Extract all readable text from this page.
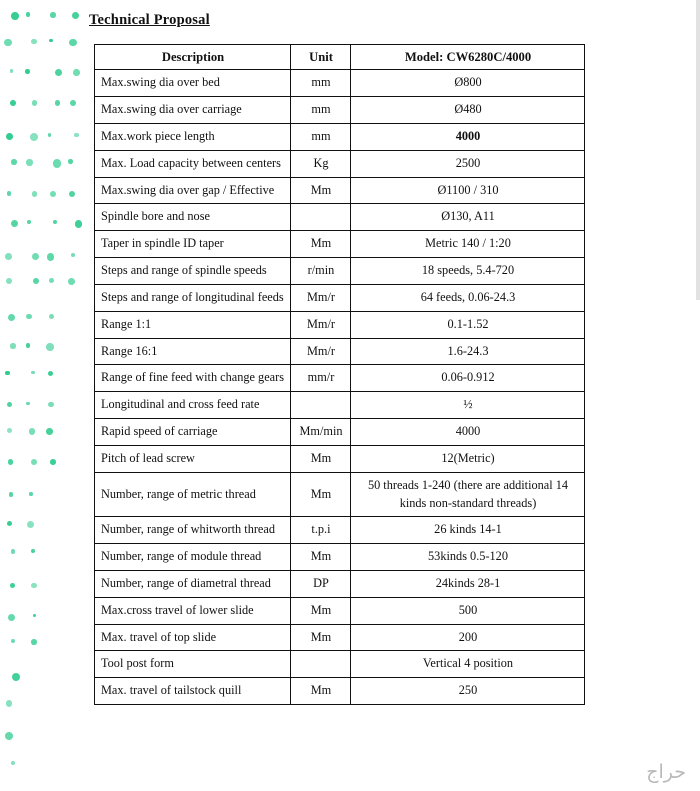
Technical Proposal
Description	Unit	Model: CW6280C/4000
Max.swing dia over bed	mm	Ø800
Max.swing dia over carriage	mm	Ø480
Max.work piece length	mm	4000
Max. Load capacity between centers	Kg	2500
Max.swing dia over gap / Effective	Mm	Ø1100 / 310
Spindle bore and nose		Ø130, A11
Taper in spindle ID taper	Mm	Metric 140 / 1:20
Steps and range of spindle speeds	r/min	18 speeds, 5.4-720
Steps and range of longitudinal feeds	Mm/r	64 feeds, 0.06-24.3
Range 1:1	Mm/r	0.1-1.52
Range 16:1	Mm/r	1.6-24.3
Range of fine feed with change gears	mm/r	0.06-0.912
Longitudinal and cross feed rate		½
Rapid speed of carriage	Mm/min	4000
Pitch of lead screw	Mm	12(Metric)
Number, range of metric thread	Mm	50 threads 1-240 (there are additional 14 kinds non-standard threads)
Number, range of whitworth thread	t.p.i	26 kinds 14-1
Number, range of module thread	Mm	53kinds 0.5-120
Number, range of diametral thread	DP	24kinds 28-1
Max.cross travel of lower slide	Mm	500
Max. travel of top slide	Mm	200
Tool post form		Vertical 4 position
Max. travel of tailstock quill	Mm	250
حراج
